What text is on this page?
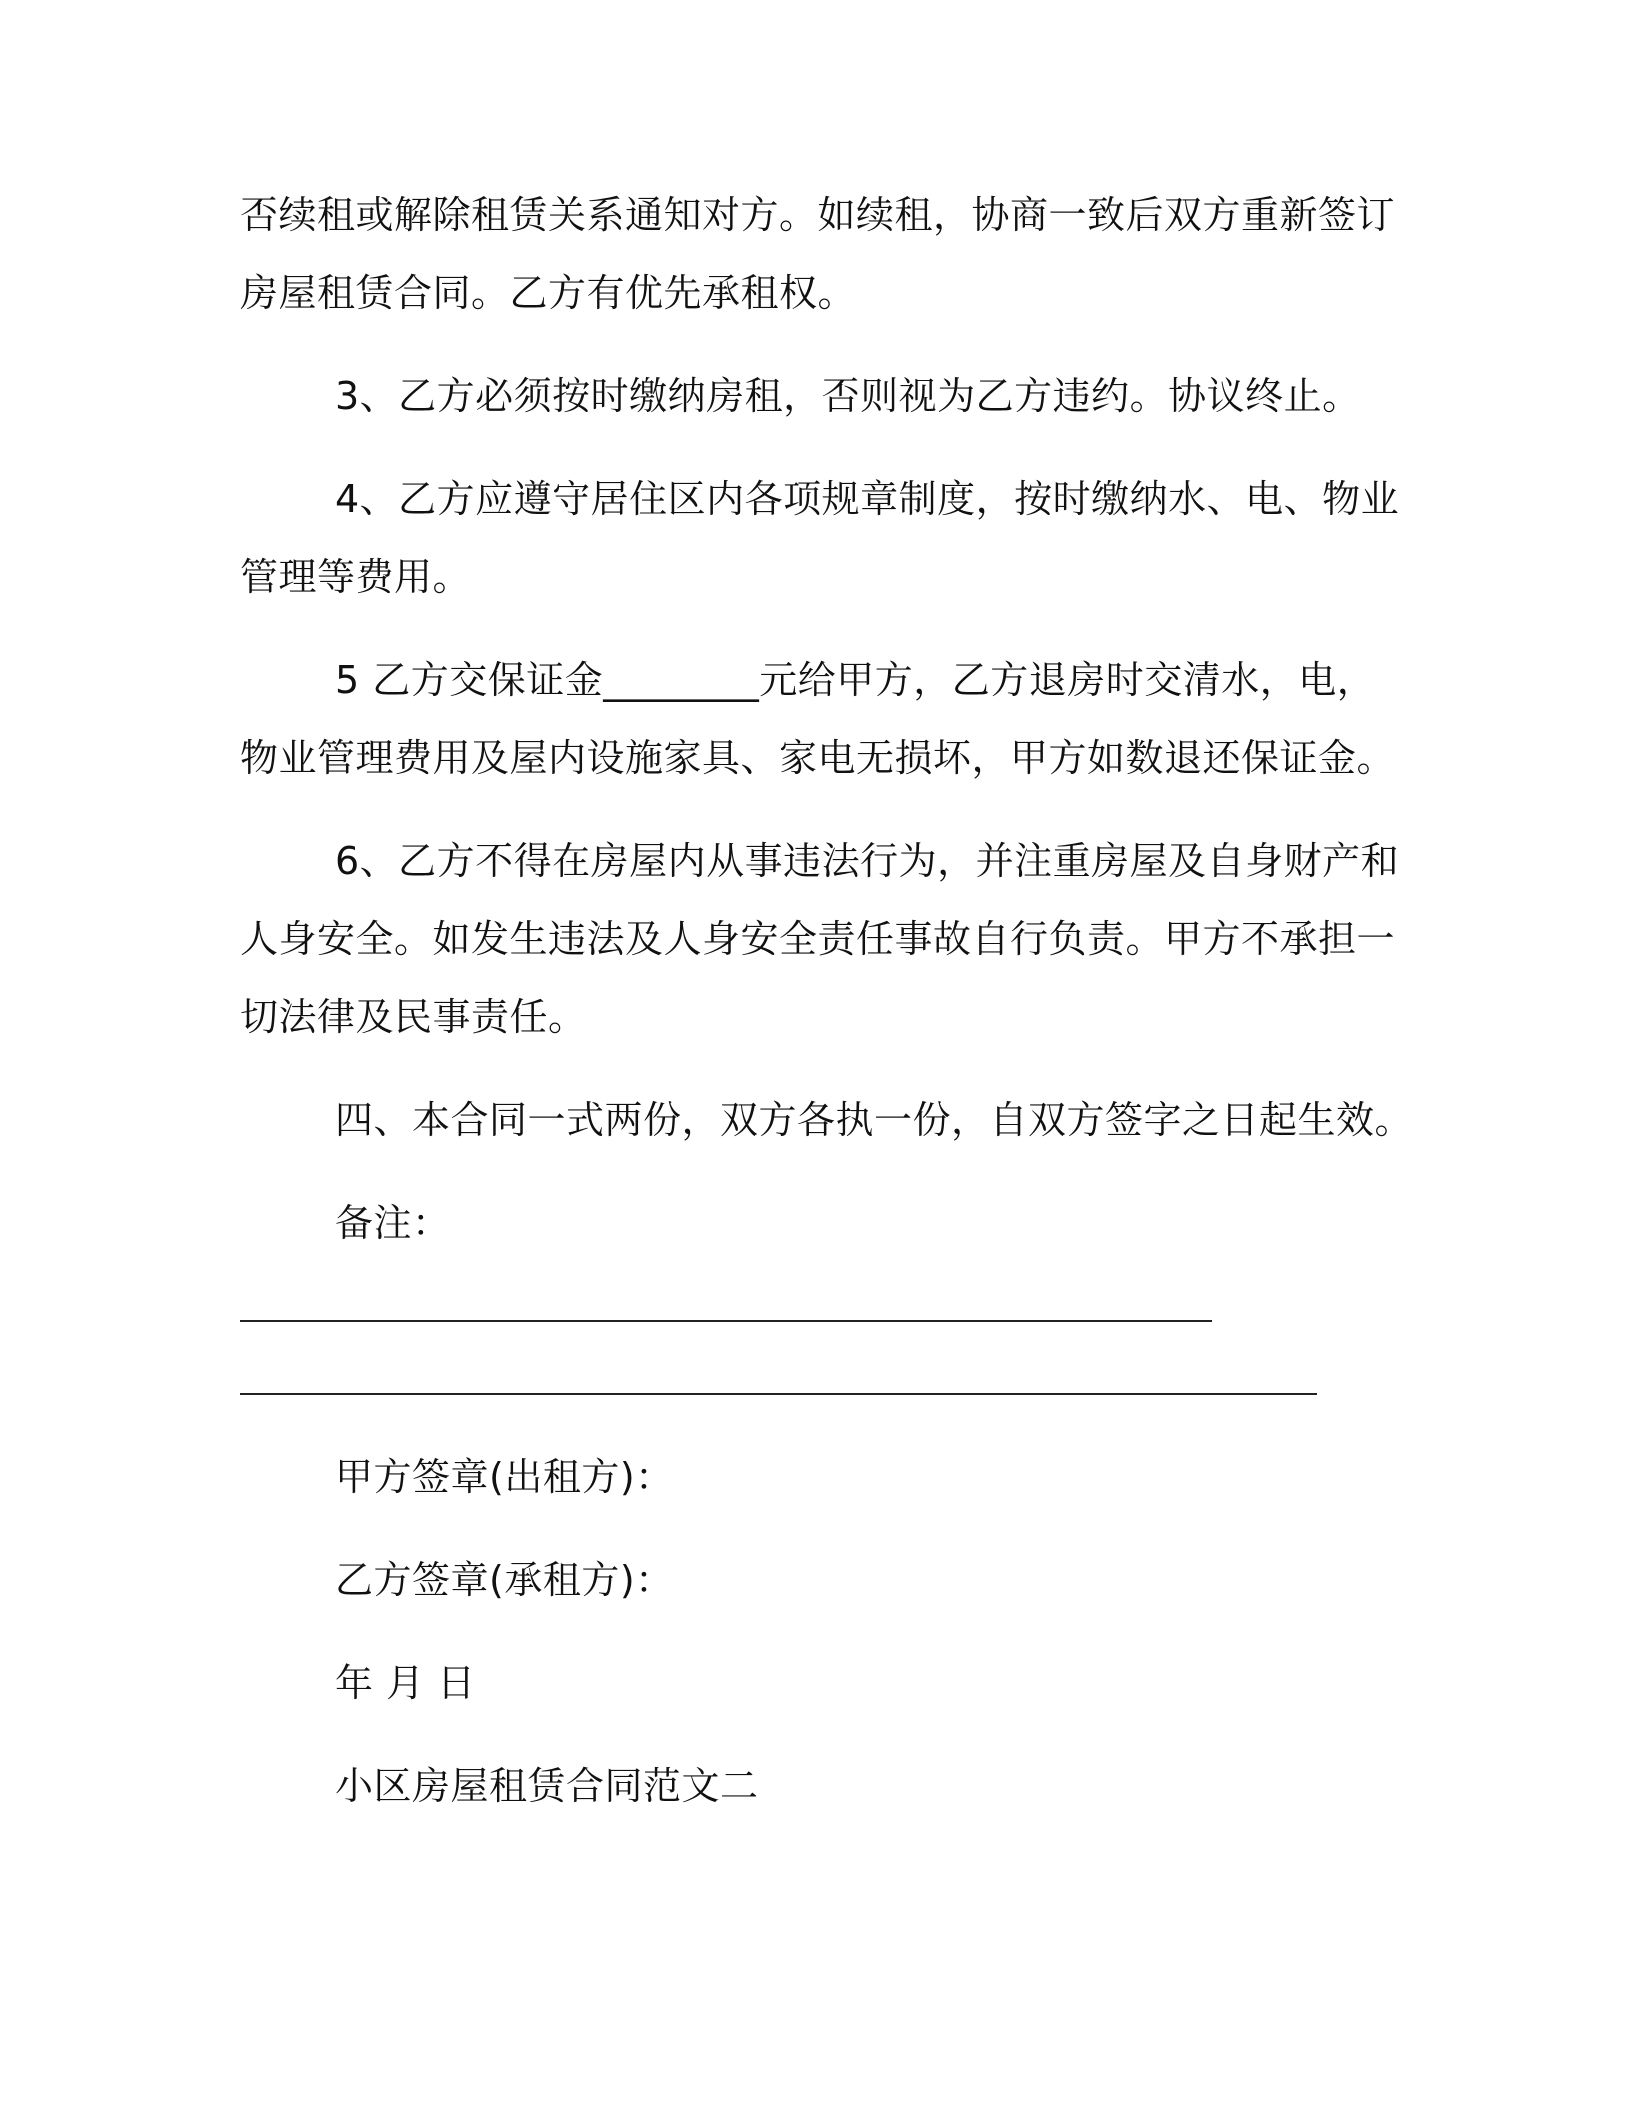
否续租或解除租赁关系通知对方。如续租，协商一致后双方重新签订
房屋租赁合同。乙方有优先承租权。
3、乙方必须按时缴纳房租，否则视为乙方违约。协议终止。
4、乙方应遵守居住区内各项规章制度，按时缴纳水、电、物业
管理等费用。
5 乙方交保证金________元给甲方，乙方退房时交清水，电，
物业管理费用及屋内设施家具、家电无损坏，甲方如数退还保证金。
6、乙方不得在房屋内从事违法行为，并注重房屋及自身财产和
人身安全。如发生违法及人身安全责任事故自行负责。甲方不承担一
切法律及民事责任。
四、本合同一式两份，双方各执一份，自双方签字之日起生效。
备注：
甲方签章(出租方)：
乙方签章(承租方)：
年 月 日
小区房屋租赁合同范文二
